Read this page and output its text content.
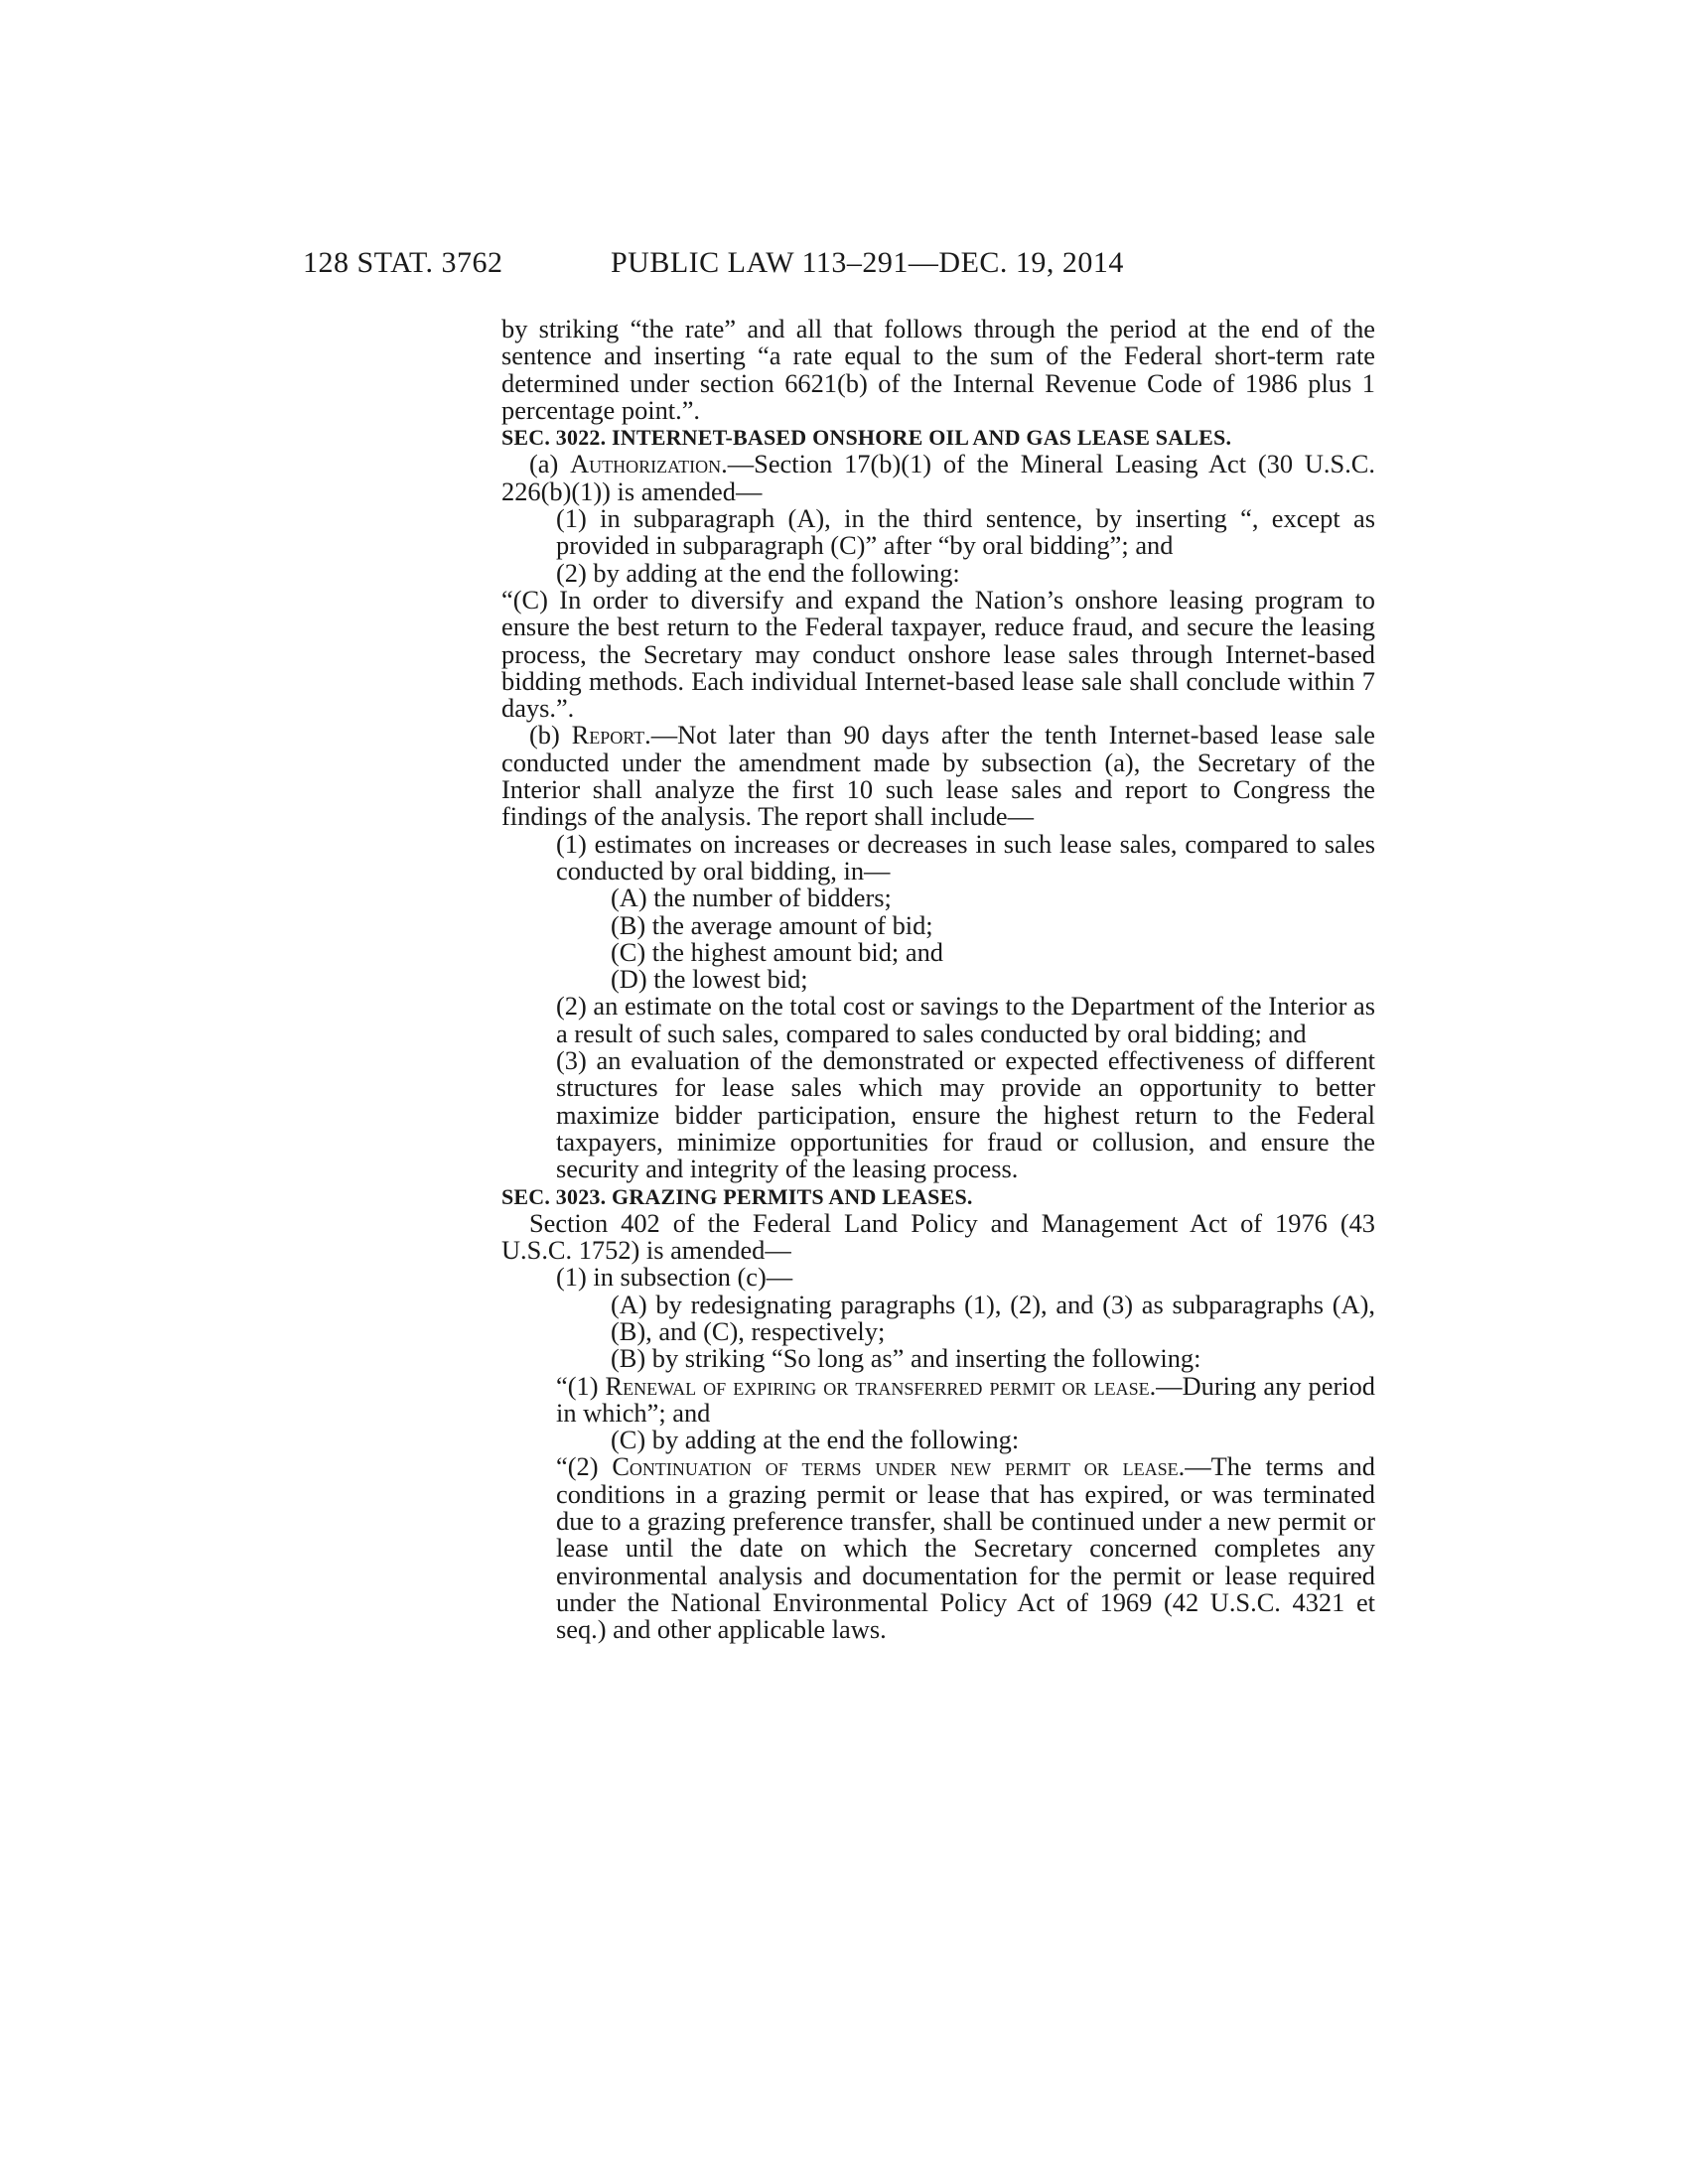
128 STAT. 3762	PUBLIC LAW 113–291—DEC. 19, 2014

by striking “the rate” and all that follows through the period at the end of the sentence and inserting “a rate equal to the sum of the Federal short-term rate determined under section 6621(b) of the Internal Revenue Code of 1986 plus 1 percentage point.”.

SEC. 3022. INTERNET-BASED ONSHORE OIL AND GAS LEASE SALES.

(a) Authorization.—Section 17(b)(1) of the Mineral Leasing Act (30 U.S.C. 226(b)(1)) is amended—

(1) in subparagraph (A), in the third sentence, by inserting “, except as provided in subparagraph (C)” after “by oral bidding”; and

(2) by adding at the end the following:

“(C) In order to diversify and expand the Nation’s onshore leasing program to ensure the best return to the Federal taxpayer, reduce fraud, and secure the leasing process, the Secretary may conduct onshore lease sales through Internet-based bidding methods. Each individual Internet-based lease sale shall conclude within 7 days.”.

(b) Report.—Not later than 90 days after the tenth Internet-based lease sale conducted under the amendment made by subsection (a), the Secretary of the Interior shall analyze the first 10 such lease sales and report to Congress the findings of the analysis. The report shall include—

(1) estimates on increases or decreases in such lease sales, compared to sales conducted by oral bidding, in—

(A) the number of bidders;

(B) the average amount of bid;

(C) the highest amount bid; and

(D) the lowest bid;

(2) an estimate on the total cost or savings to the Department of the Interior as a result of such sales, compared to sales conducted by oral bidding; and

(3) an evaluation of the demonstrated or expected effectiveness of different structures for lease sales which may provide an opportunity to better maximize bidder participation, ensure the highest return to the Federal taxpayers, minimize opportunities for fraud or collusion, and ensure the security and integrity of the leasing process.

SEC. 3023. GRAZING PERMITS AND LEASES.

Section 402 of the Federal Land Policy and Management Act of 1976 (43 U.S.C. 1752) is amended—

(1) in subsection (c)—

(A) by redesignating paragraphs (1), (2), and (3) as subparagraphs (A), (B), and (C), respectively;

(B) by striking “So long as” and inserting the following:

“(1) Renewal of expiring or transferred permit or lease.—During any period in which”; and

(C) by adding at the end the following:

“(2) Continuation of terms under new permit or lease.—The terms and conditions in a grazing permit or lease that has expired, or was terminated due to a grazing preference transfer, shall be continued under a new permit or lease until the date on which the Secretary concerned completes any environmental analysis and documentation for the permit or lease required under the National Environmental Policy Act of 1969 (42 U.S.C. 4321 et seq.) and other applicable laws.
